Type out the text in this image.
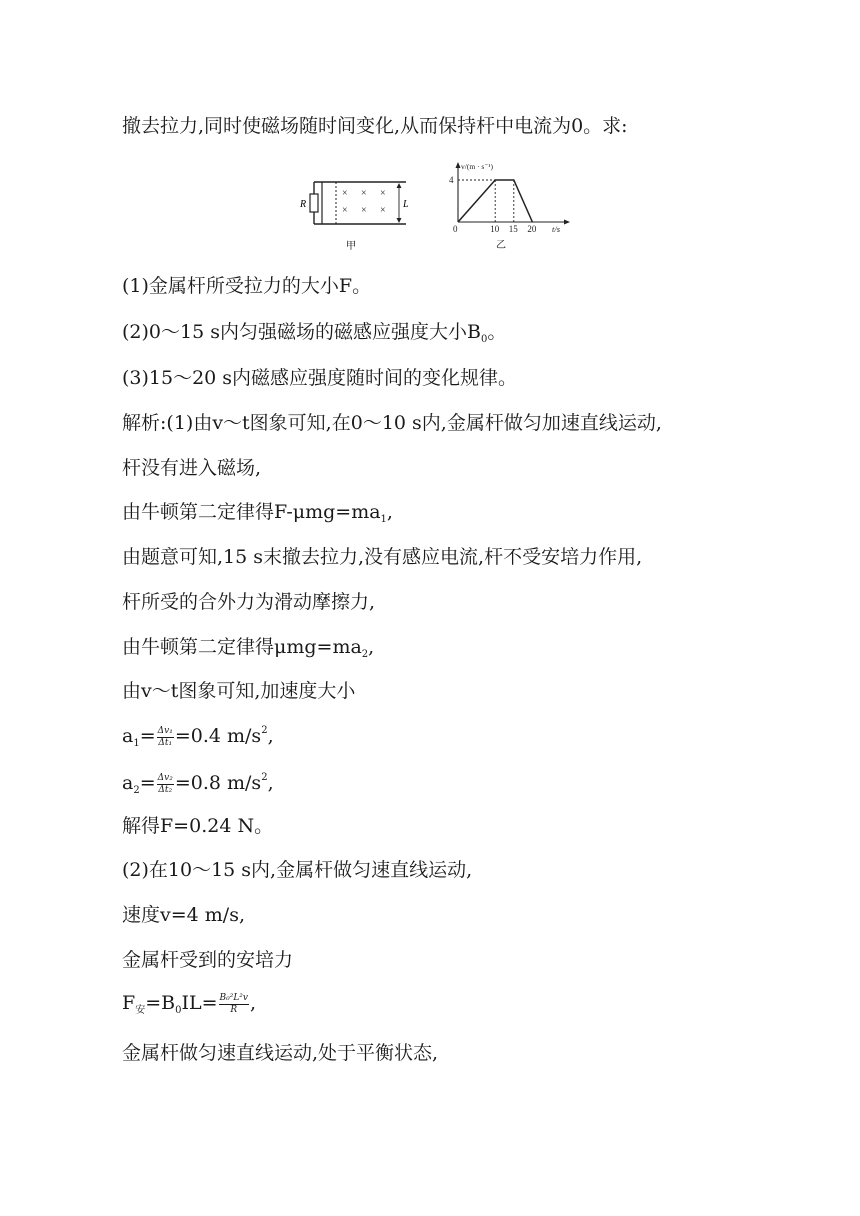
撤去拉力,同时使磁场随时间变化,从而保持杆中电流为0。求:
R
× × ×
× × ×
L
甲
v/(m · s⁻¹)
4
0	10 15 20 t/s
乙
(1)金属杆所受拉力的大小F。
(2)0～15 s内匀强磁场的磁感应强度大小$B_0$。
(3)15～20 s内磁感应强度随时间的变化规律。
解析:(1)由v～t图象可知,在0～10 s内,金属杆做匀加速直线运动,
杆没有进入磁场,
由牛顿第二定律得$F-\mu mg=ma_1$,
由题意可知,15 s末撤去拉力,没有感应电流,杆不受安培力作用,
杆所受的合外力为滑动摩擦力,
由牛顿第二定律得$\mu mg=ma_2$,
由v～t图象可知,加速度大小
$a_1= \frac{\text{Δv₁}}{\text{Δt₁}} =0.4$ $m/s^2$,
$a_2= \frac{\text{Δv₂}}{\text{Δt₂}} =0.8$ $m/s^2$,
解得F=0.24 N。
(2)在10～15 s内,金属杆做匀速直线运动,
速度v=4 m/s,
金属杆受到的安培力
$F_安=B_0IL= \frac{\text{B₀²L²v}}{R}$ ,
金属杆做匀速直线运动,处于平衡状态,
